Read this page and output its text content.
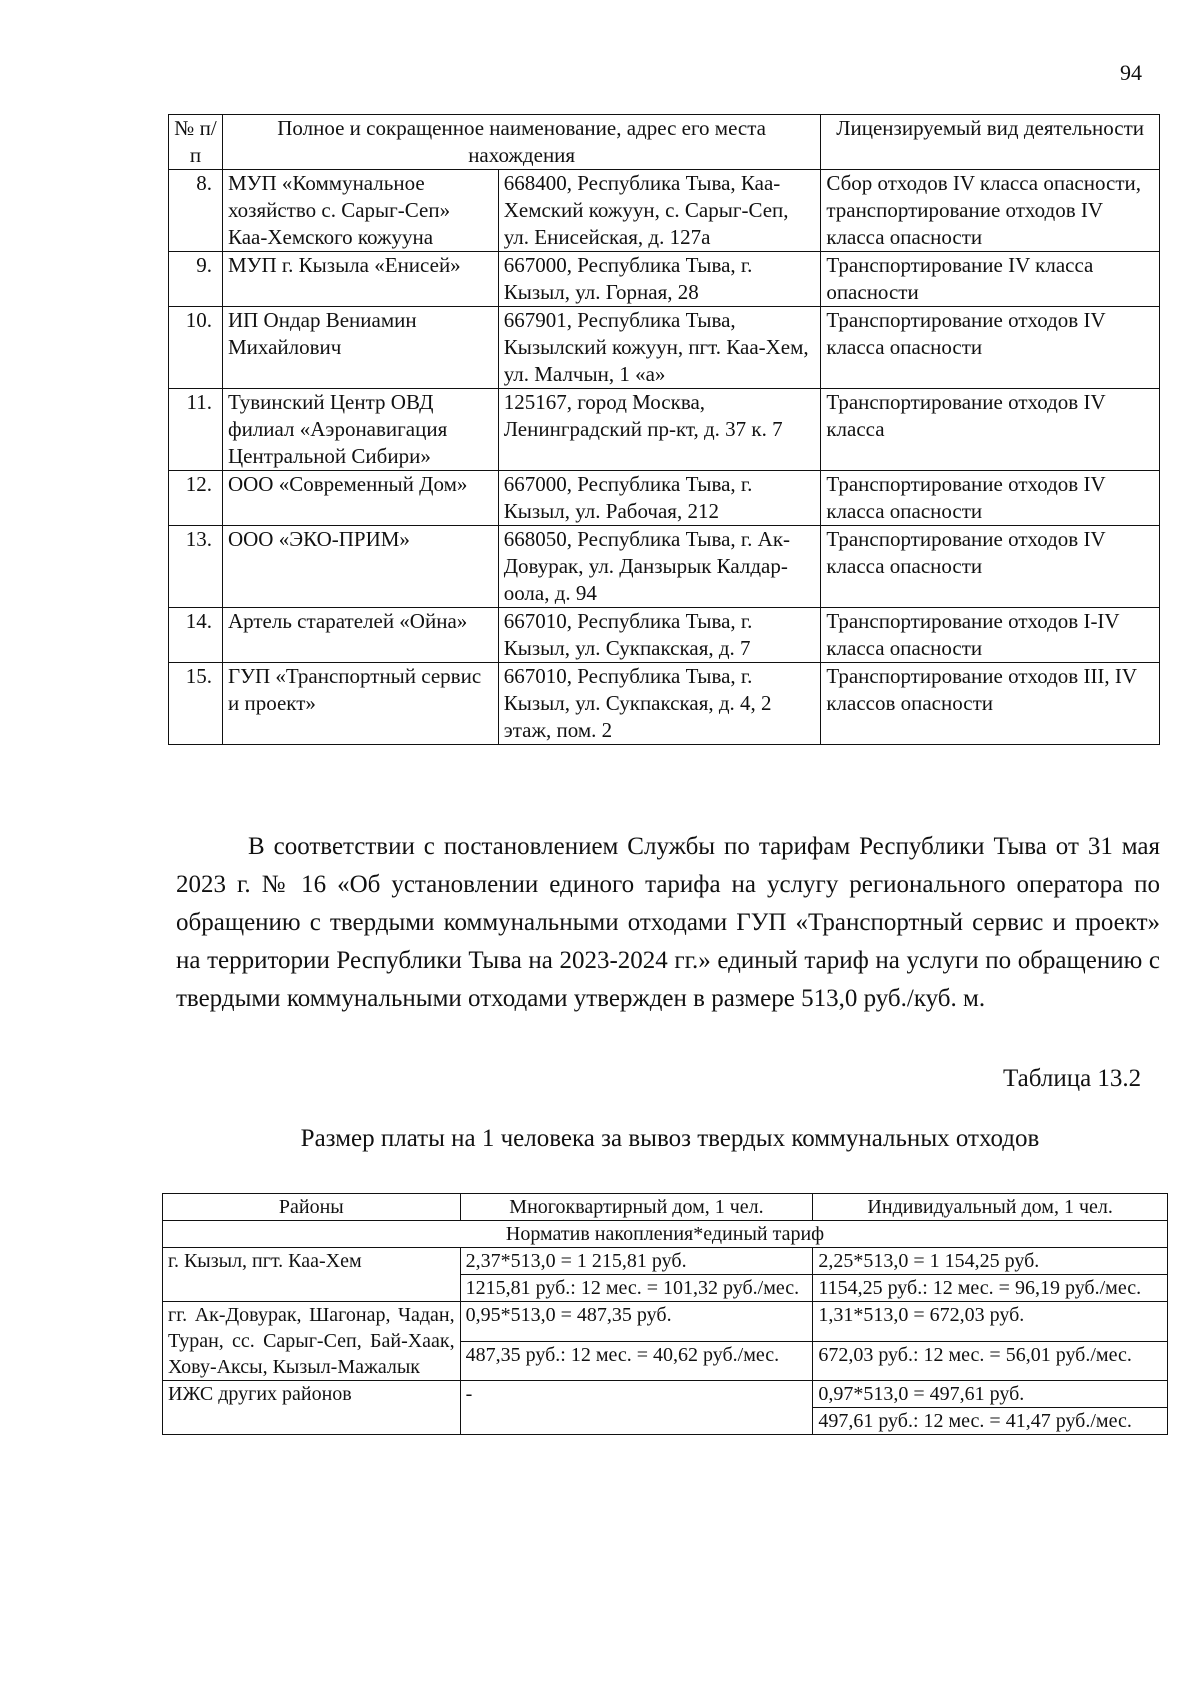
94
№ п/п	Полное и сокращенное наименование, адрес его места нахождения		Лицензируемый вид деятельности
8.	МУП «Коммунальное хозяйство с. Сарыг-Сеп» Каа-Хемского кожууна	668400, Республика Тыва, Каа-Хемский кожуун, с. Сарыг-Сеп, ул. Енисейская, д. 127а	Сбор отходов IV класса опасности, транспортирование отходов IV класса опасности
9.	МУП г. Кызыла «Енисей»	667000, Республика Тыва, г. Кызыл, ул. Горная, 28	Транспортирование IV класса опасности
10.	ИП Ондар Вениамин Михайлович	667901, Республика Тыва, Кызылский кожуун, пгт. Каа-Хем, ул. Малчын, 1 «а»	Транспортирование отходов IV класса опасности
11.	Тувинский Центр ОВД филиал «Аэронавигация Центральной Сибири»	125167, город Москва, Ленинградский пр-кт, д. 37 к. 7	Транспортирование отходов IV класса
12.	ООО «Современный Дом»	667000, Республика Тыва, г. Кызыл, ул. Рабочая, 212	Транспортирование отходов IV класса опасности
13.	ООО «ЭКО-ПРИМ»	668050, Республика Тыва, г. Ак-Довурак, ул. Данзырык Калдар-оола, д. 94	Транспортирование отходов IV класса опасности
14.	Артель старателей «Ойна»	667010, Республика Тыва, г. Кызыл, ул. Сукпакская, д. 7	Транспортирование отходов I-IV класса опасности
15.	ГУП «Транспортный сервис и проект»	667010, Республика Тыва, г. Кызыл, ул. Сукпакская, д. 4, 2 этаж, пом. 2	Транспортирование отходов III, IV классов опасности
В соответствии с постановлением Службы по тарифам Республики Тыва от 31 мая 2023 г. № 16 «Об установлении единого тарифа на услугу регионального оператора по обращению с твердыми коммунальными отходами ГУП «Транспортный сервис и проект» на территории Республики Тыва на 2023-2024 гг.» единый тариф на услуги по обращению с твердыми коммунальными отходами утвержден в размере 513,0 руб./куб. м.
Таблица 13.2
Размер платы на 1 человека за вывоз твердых коммунальных отходов
Районы	Многоквартирный дом, 1 чел.	Индивидуальный дом, 1 чел.
Норматив накопления*единый тариф		
г. Кызыл, пгт. Каа-Хем	2,37*513,0 = 1 215,81 руб.	2,25*513,0 = 1 154,25 руб.
	1215,81 руб.: 12 мес. = 101,32 руб./мес.	1154,25 руб.: 12 мес. = 96,19 руб./мес.
гг. Ак-Довурак, Шагонар, Чадан, Туран, сс. Сарыг-Сеп, Бай-Хаак, Хову-Аксы, Кызыл-Мажалык	0,95*513,0 = 487,35 руб.	1,31*513,0 = 672,03 руб.
	487,35 руб.: 12 мес. = 40,62 руб./мес.	672,03 руб.: 12 мес. = 56,01 руб./мес.
ИЖС других районов	-	0,97*513,0 = 497,61 руб.
		497,61 руб.: 12 мес. = 41,47 руб./мес.
